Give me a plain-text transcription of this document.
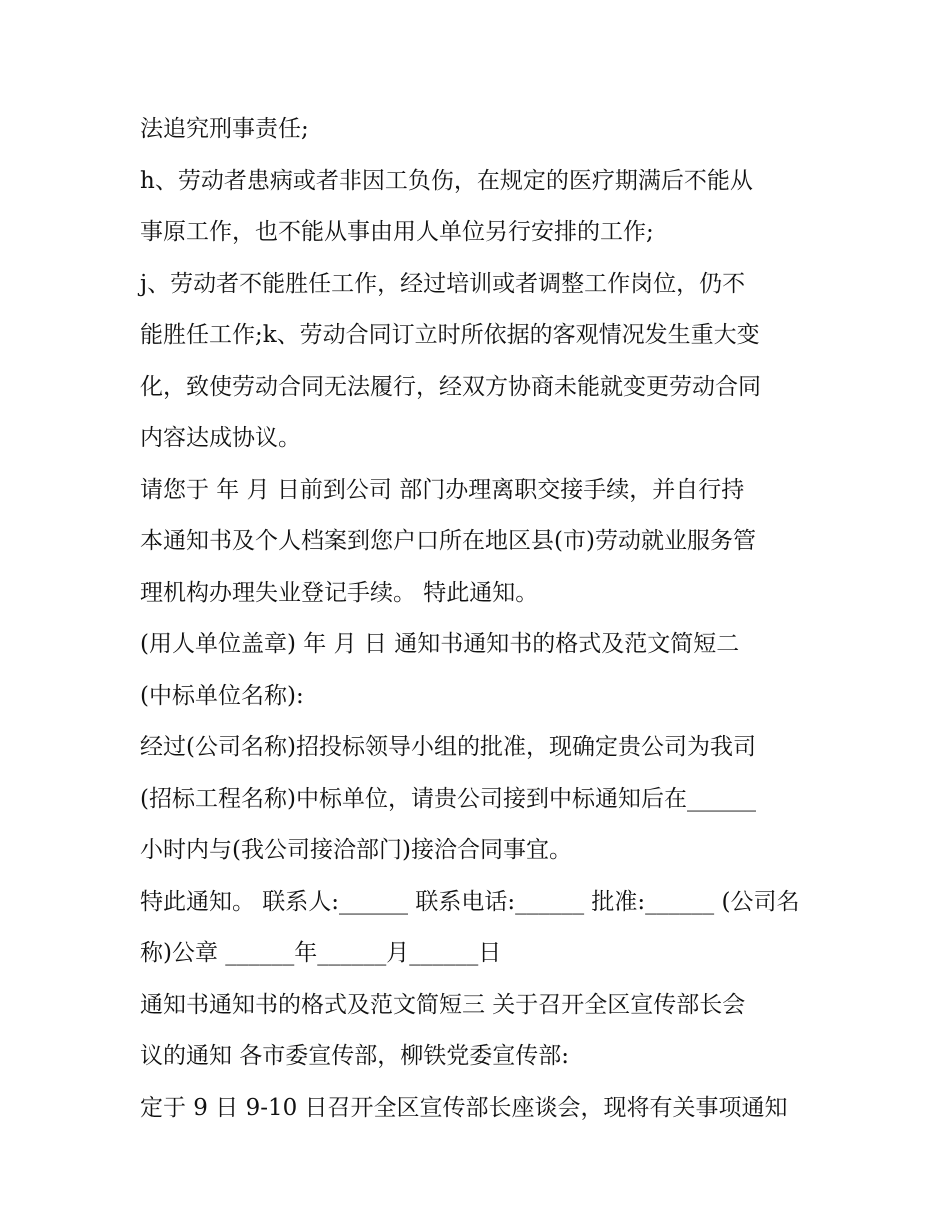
法追究刑事责任;
h、劳动者患病或者非因工负伤，在规定的医疗期满后不能从
事原工作，也不能从事由用人单位另行安排的工作;
j、劳动者不能胜任工作，经过培训或者调整工作岗位，仍不
能胜任工作;k、劳动合同订立时所依据的客观情况发生重大变
化，致使劳动合同无法履行，经双方协商未能就变更劳动合同
内容达成协议。
请您于 年 月 日前到公司 部门办理离职交接手续，并自行持
本通知书及个人档案到您户口所在地区县(市)劳动就业服务管
理机构办理失业登记手续。 特此通知。
(用人单位盖章) 年 月 日 通知书通知书的格式及范文简短二
(中标单位名称):
经过(公司名称)招投标领导小组的批准，现确定贵公司为我司
(招标工程名称)中标单位，请贵公司接到中标通知后在______
小时内与(我公司接洽部门)接洽合同事宜。
特此通知。 联系人:______ 联系电话:______ 批准:______ (公司名
称)公章 ______年______月______日
通知书通知书的格式及范文简短三 关于召开全区宣传部长会
议的通知 各市委宣传部，柳铁党委宣传部:
定于 9 日 9-10 日召开全区宣传部长座谈会，现将有关事项通知
